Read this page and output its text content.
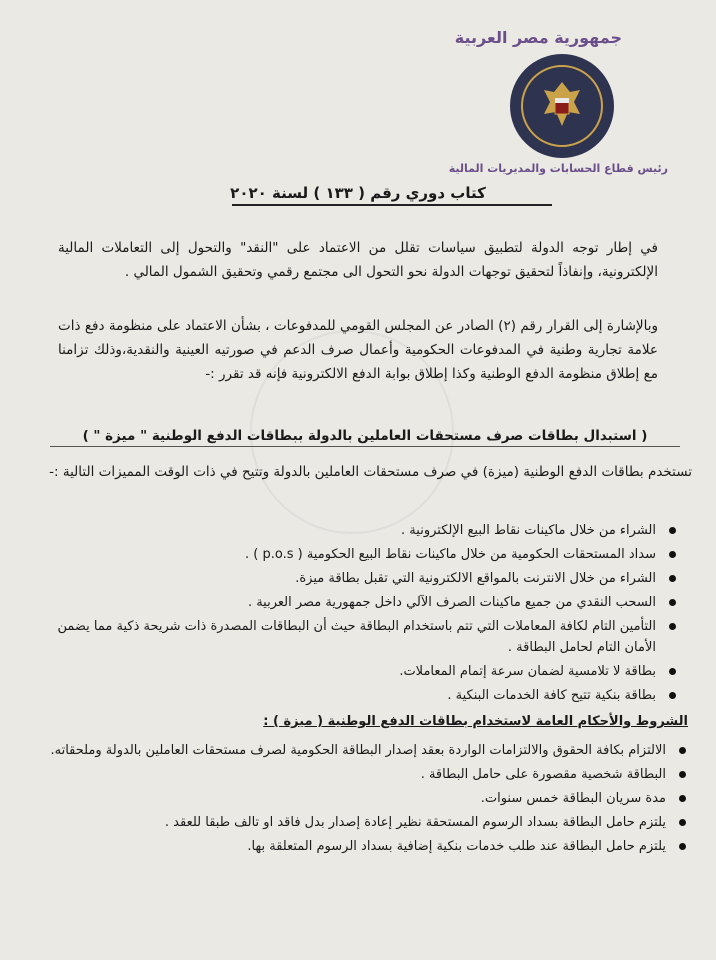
جمهورية مصر العربية
رئيس قطاع الحسابات والمديريات المالية
كتاب دوري رقم ( ١٣٣ ) لسنة ٢٠٢٠
في إطار توجه الدولة لتطبيق سياسات تقلل من الاعتماد على "النقد" والتحول إلى التعاملات المالية الإلكترونية، وإنفاذاً لتحقيق توجهات الدولة نحو التحول الى مجتمع رقمي وتحقيق الشمول المالي .
وبالإشارة إلى القرار رقم (٢) الصادر عن المجلس القومي للمدفوعات ، بشأن الاعتماد على منظومة دفع ذات علامة تجارية وطنية في المدفوعات الحكومية وأعمال صرف الدعم في صورتيه العينية والنقدية،وذلك تزامنا مع إطلاق منظومة الدفع الوطنية وكذا إطلاق بوابة الدفع الالكترونية فإنه قد تقرر :-
( استبدال بطاقات صرف مستحقات العاملين بالدولة ببطاقات الدفع الوطنية " ميزة " )
تستخدم بطاقات الدفع الوطنية (ميزة) في صرف مستحقات العاملين بالدولة وتتيح في ذات الوقت المميزات التالية :-
الشراء من خلال ماكينات نقاط البيع الإلكترونية .
سداد المستحقات الحكومية من خلال ماكينات نقاط البيع الحكومية ( p.o.s ) .
الشراء من خلال الانترنت بالمواقع الالكترونية التي تقبل بطاقة ميزة.
السحب النقدي من جميع ماكينات الصرف الآلي داخل جمهورية مصر العربية .
التأمين التام لكافة المعاملات التي تتم باستخدام البطاقة حيث أن البطاقات المصدرة ذات شريحة ذكية مما يضمن الأمان التام لحامل البطاقة .
بطاقة لا تلامسية لضمان سرعة إتمام المعاملات.
بطاقة بنكية تتيح كافة الخدمات البنكية .
الشروط والأحكام العامة لاستخدام بطاقات الدفع الوطنية ( ميزة ) :
الالتزام بكافة الحقوق والالتزامات الواردة بعقد إصدار البطاقة الحكومية لصرف مستحقات العاملين بالدولة وملحقاته.
البطاقة شخصية مقصورة على حامل البطاقة .
مدة سريان البطاقة خمس سنوات.
يلتزم حامل البطاقة بسداد الرسوم المستحقة نظير إعادة إصدار بدل فاقد او تالف طبقا للعقد .
يلتزم حامل البطاقة عند طلب خدمات بنكية إضافية بسداد الرسوم المتعلقة بها.
